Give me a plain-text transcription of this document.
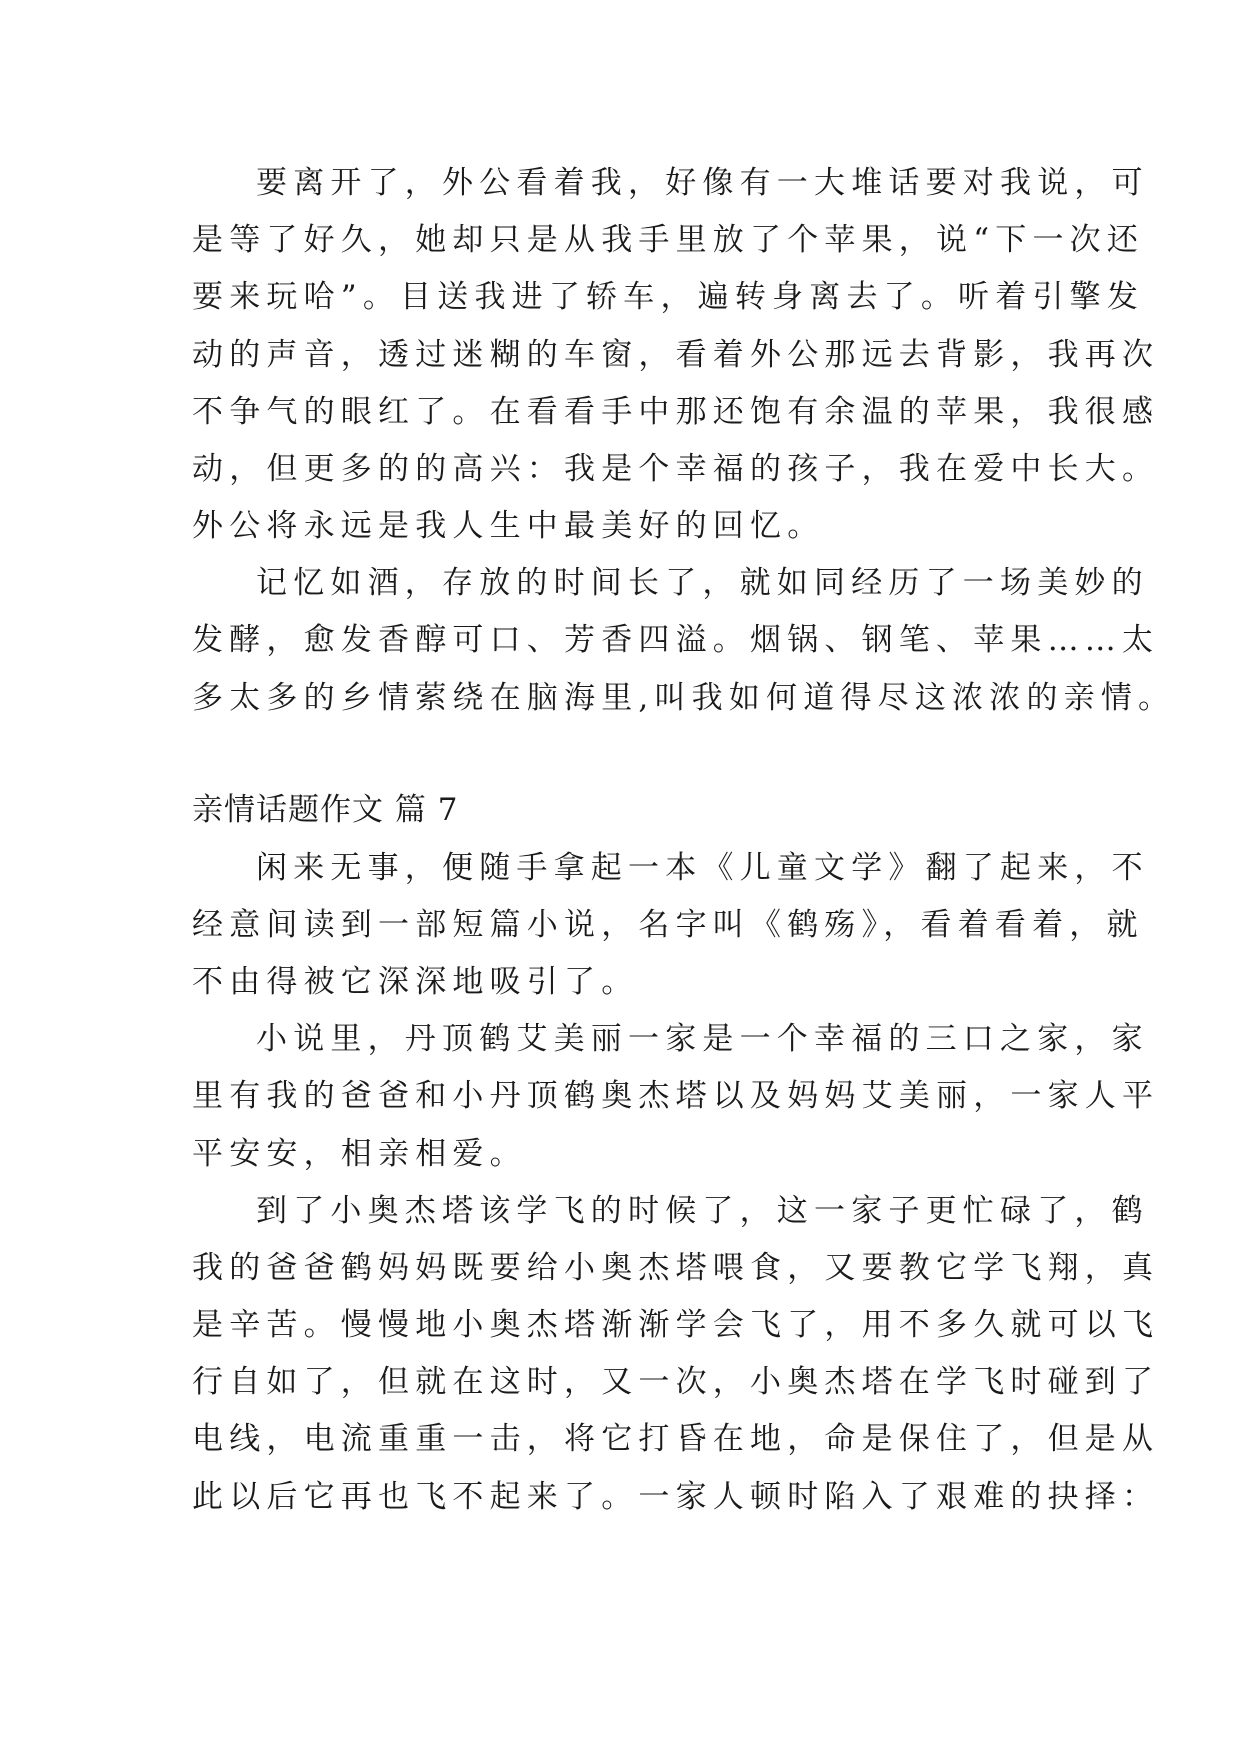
要离开了，外公看着我，好像有一大堆话要对我说，可

是等了好久，她却只是从我手里放了个苹果，说“下一次还

要来玩哈”。目送我进了轿车，遍转身离去了。听着引擎发

动的声音，透过迷糊的车窗，看着外公那远去背影，我再次

不争气的眼红了。在看看手中那还饱有余温的苹果，我很感

动，但更多的的高兴：我是个幸福的孩子，我在爱中长大。

外公将永远是我人生中最美好的回忆。

记忆如酒，存放的时间长了，就如同经历了一场美妙的

发酵，愈发香醇可口、芳香四溢。烟锅、钢笔、苹果……太

多太多的乡情萦绕在脑海里,叫我如何道得尽这浓浓的亲情。

亲情话题作文 篇 7

闲来无事，便随手拿起一本《儿童文学》翻了起来，不

经意间读到一部短篇小说，名字叫《鹤殇》，看着看着，就

不由得被它深深地吸引了。

小说里，丹顶鹤艾美丽一家是一个幸福的三口之家，家

里有我的爸爸和小丹顶鹤奥杰塔以及妈妈艾美丽，一家人平

平安安，相亲相爱。

到了小奥杰塔该学飞的时候了，这一家子更忙碌了，鹤

我的爸爸鹤妈妈既要给小奥杰塔喂食，又要教它学飞翔，真

是辛苦。慢慢地小奥杰塔渐渐学会飞了，用不多久就可以飞

行自如了，但就在这时，又一次，小奥杰塔在学飞时碰到了

电线，电流重重一击，将它打昏在地，命是保住了，但是从

此以后它再也飞不起来了。一家人顿时陷入了艰难的抉择：
